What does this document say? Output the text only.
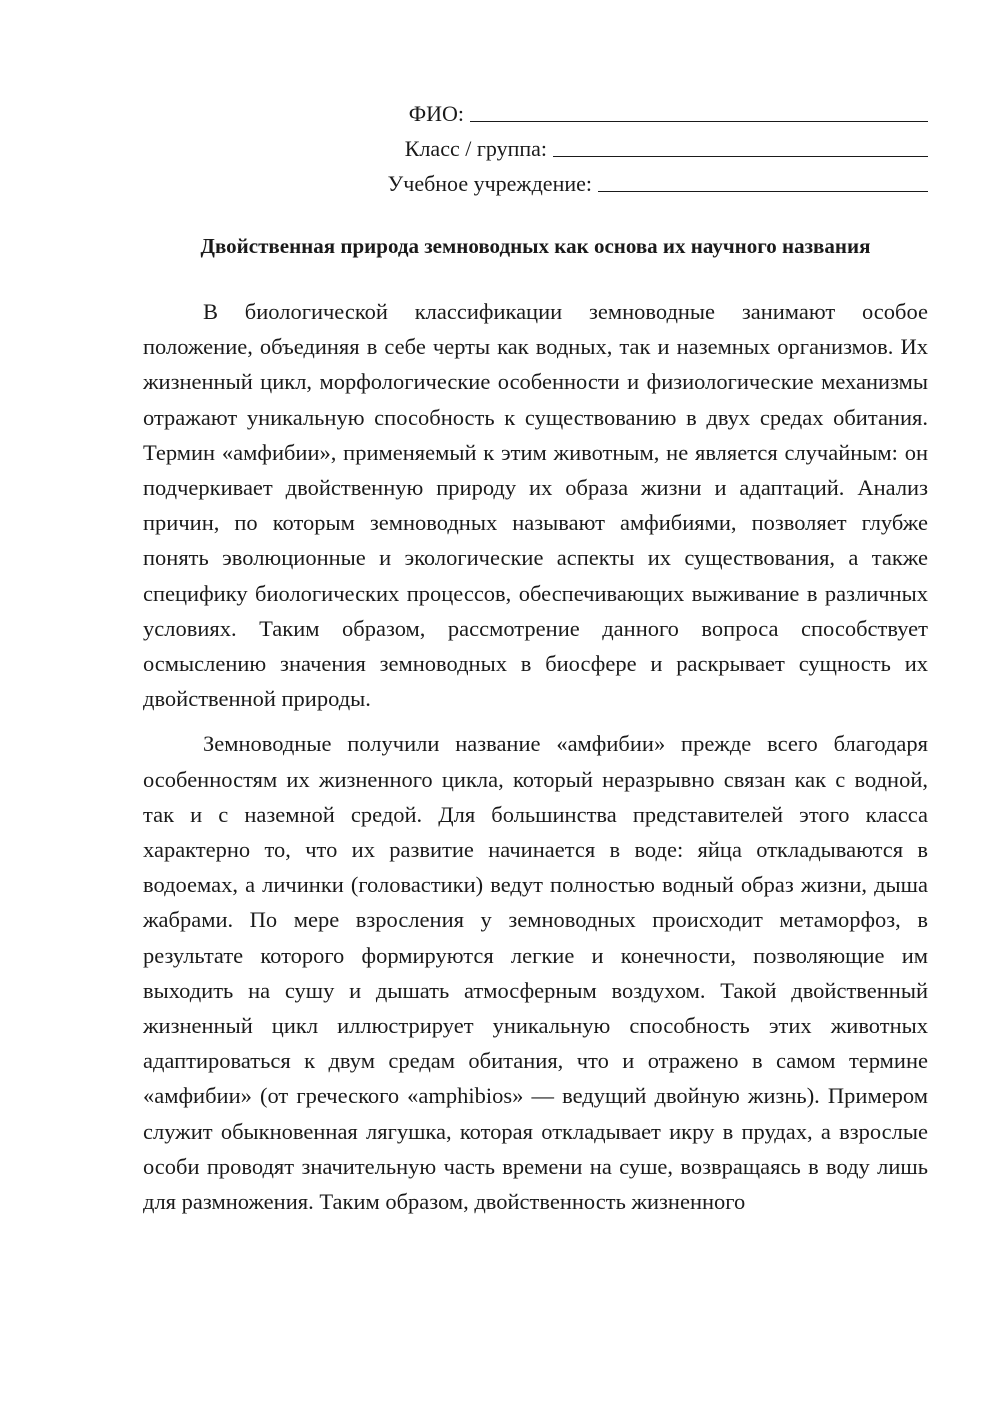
ФИО:
Класс / группа:
Учебное учреждение:
Двойственная природа земноводных как основа их научного названия

В биологической классификации земноводные занимают особое положение, объединяя в себе черты как водных, так и наземных организмов. Их жизненный цикл, морфологические особенности и физиологические механизмы отражают уникальную способность к существованию в двух средах обитания. Термин «амфибии», применяемый к этим животным, не является случайным: он подчеркивает двойственную природу их образа жизни и адаптаций. Анализ причин, по которым земноводных называют амфибиями, позволяет глубже понять эволюционные и экологические аспекты их существования, а также специфику биологических процессов, обеспечивающих выживание в различных условиях. Таким образом, рассмотрение данного вопроса способствует осмыслению значения земноводных в биосфере и раскрывает сущность их двойственной природы.

Земноводные получили название «амфибии» прежде всего благодаря особенностям их жизненного цикла, который неразрывно связан как с водной, так и с наземной средой. Для большинства представителей этого класса характерно то, что их развитие начинается в воде: яйца откладываются в водоемах, а личинки (головастики) ведут полностью водный образ жизни, дыша жабрами. По мере взросления у земноводных происходит метаморфоз, в результате которого формируются легкие и конечности, позволяющие им выходить на сушу и дышать атмосферным воздухом. Такой двойственный жизненный цикл иллюстрирует уникальную способность этих животных адаптироваться к двум средам обитания, что и отражено в самом термине «амфибии» (от греческого «amphibios» — ведущий двойную жизнь). Примером служит обыкновенная лягушка, которая откладывает икру в прудах, а взрослые особи проводят значительную часть времени на суше, возвращаясь в воду лишь для размножения. Таким образом, двойственность жизненного
